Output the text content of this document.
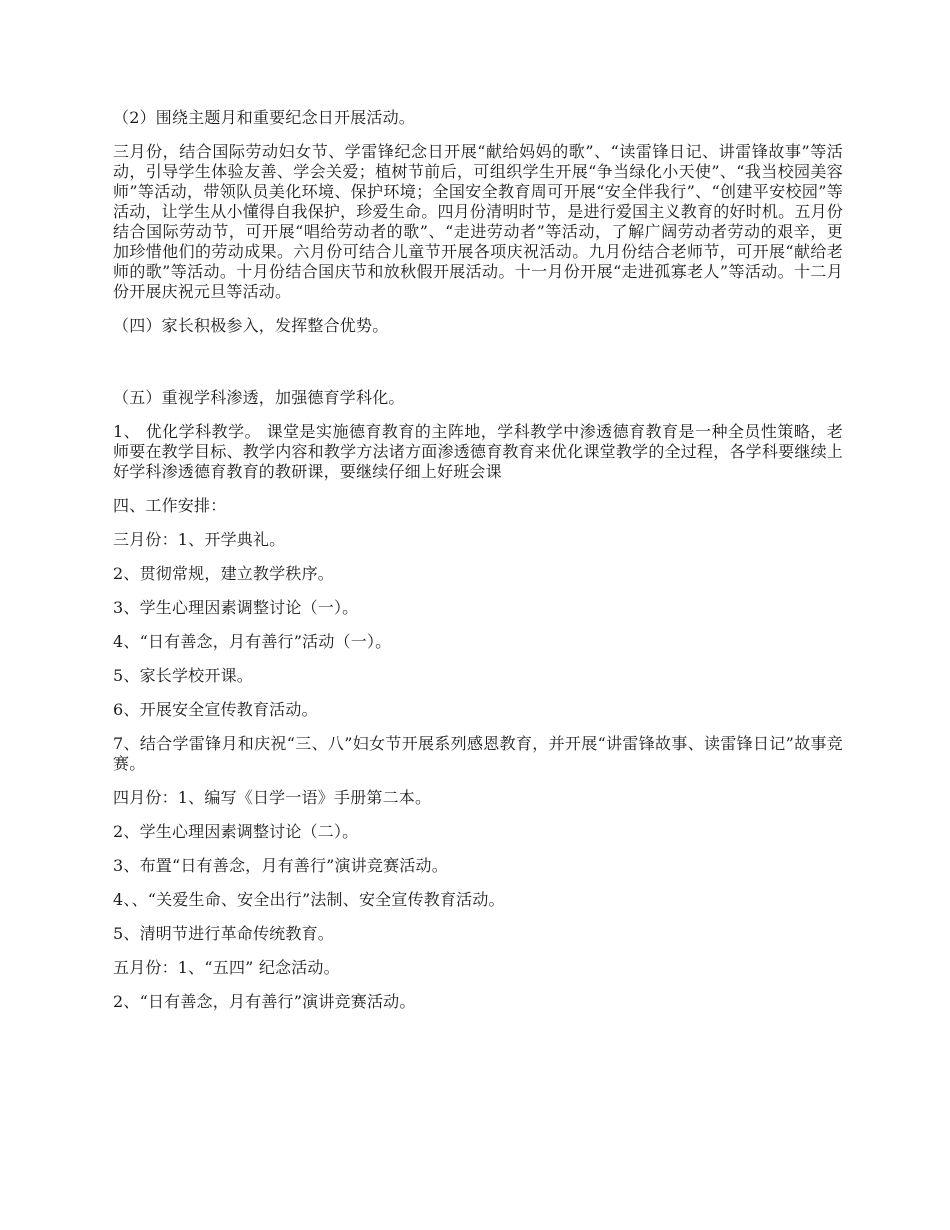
（2）围绕主题月和重要纪念日开展活动。

三月份，结合国际劳动妇女节、学雷锋纪念日开展“献给妈妈的歌”、“读雷锋日记、讲雷锋故事”等活动，引导学生体验友善、学会关爱；植树节前后，可组织学生开展“争当绿化小天使”、“我当校园美容师”等活动，带领队员美化环境、保护环境；全国安全教育周可开展“安全伴我行”、“创建平安校园”等活动，让学生从小懂得自我保护，珍爱生命。四月份清明时节，是进行爱国主义教育的好时机。五月份结合国际劳动节，可开展“唱给劳动者的歌”、“走进劳动者”等活动，了解广阔劳动者劳动的艰辛，更加珍惜他们的劳动成果。六月份可结合儿童节开展各项庆祝活动。九月份结合老师节，可开展“献给老师的歌”等活动。十月份结合国庆节和放秋假开展活动。十一月份开展“走进孤寡老人”等活动。十二月份开展庆祝元旦等活动。

（四）家长积极参入，发挥整合优势。

（五）重视学科渗透，加强德育学科化。

1、 优化学科教学。 课堂是实施德育教育的主阵地，学科教学中渗透德育教育是一种全员性策略，老师要在教学目标、教学内容和教学方法诸方面渗透德育教育来优化课堂教学的全过程，各学科要继续上好学科渗透德育教育的教研课，要继续仔细上好班会课

四、工作安排：

三月份：1、开学典礼。

2、贯彻常规，建立教学秩序。

3、学生心理因素调整讨论（一）。

4、“日有善念，月有善行”活动（一）。

5、家长学校开课。

6、开展安全宣传教育活动。

7、结合学雷锋月和庆祝“三、八”妇女节开展系列感恩教育，并开展“讲雷锋故事、读雷锋日记”故事竞赛。

四月份：1、编写《日学一语》手册第二本。

2、学生心理因素调整讨论（二）。

3、布置“日有善念，月有善行”演讲竞赛活动。

4、、“关爱生命、安全出行”法制、安全宣传教育活动。

5、清明节进行革命传统教育。

五月份：1、“五四” 纪念活动。

2、“日有善念，月有善行”演讲竞赛活动。
